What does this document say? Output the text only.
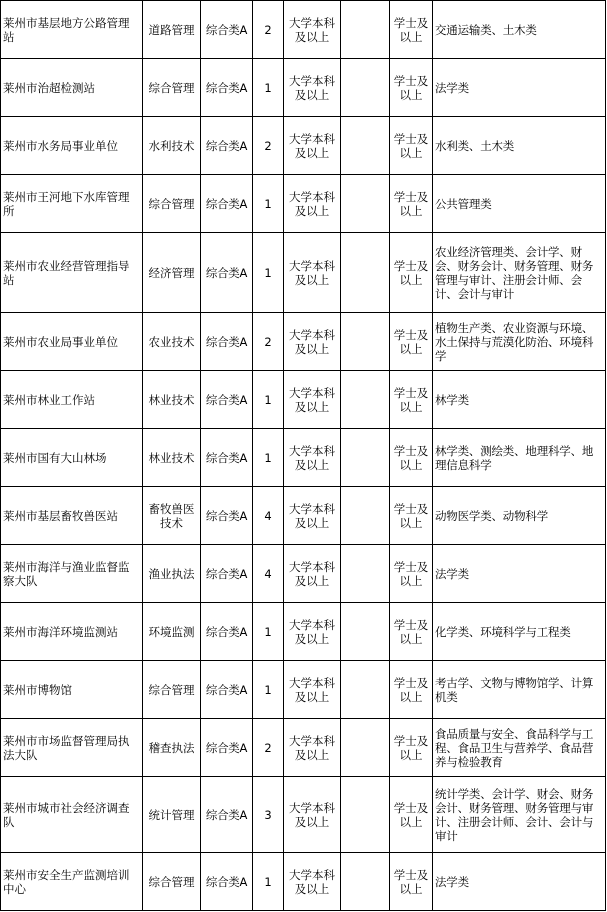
莱州市基层地方公路管理站	道路管理	综合类A	2	大学本科及以上		学士及以上	交通运输类、土木类
莱州市治超检测站	综合管理	综合类A	1	大学本科及以上		学士及以上	法学类
莱州市水务局事业单位	水利技术	综合类A	2	大学本科及以上		学士及以上	水利类、土木类
莱州市王河地下水库管理所	综合管理	综合类A	1	大学本科及以上		学士及以上	公共管理类
莱州市农业经营管理指导站	经济管理	综合类A	1	大学本科及以上		学士及以上	农业经济管理类、会计学、财会、财务会计、财务管理、财务管理与审计、注册会计师、会计、会计与审计
莱州市农业局事业单位	农业技术	综合类A	2	大学本科及以上		学士及以上	植物生产类、农业资源与环境、水土保持与荒漠化防治、环境科学
莱州市林业工作站	林业技术	综合类A	1	大学本科及以上		学士及以上	林学类
莱州市国有大山林场	林业技术	综合类A	1	大学本科及以上		学士及以上	林学类、测绘类、地理科学、地理信息科学
莱州市基层畜牧兽医站	畜牧兽医技术	综合类A	4	大学本科及以上		学士及以上	动物医学类、动物科学
莱州市海洋与渔业监督监察大队	渔业执法	综合类A	4	大学本科及以上		学士及以上	法学类
莱州市海洋环境监测站	环境监测	综合类A	1	大学本科及以上		学士及以上	化学类、环境科学与工程类
莱州市博物馆	综合管理	综合类A	1	大学本科及以上		学士及以上	考古学、文物与博物馆学、计算机类
莱州市市场监督管理局执法大队	稽查执法	综合类A	2	大学本科及以上		学士及以上	食品质量与安全、食品科学与工程、食品卫生与营养学、食品营养与检验教育
莱州市城市社会经济调查队	统计管理	综合类A	3	大学本科及以上		学士及以上	统计学类、会计学、财会、财务会计、财务管理、财务管理与审计、注册会计师、会计、会计与审计
莱州市安全生产监测培训中心	综合管理	综合类A	1	大学本科及以上		学士及以上	法学类
